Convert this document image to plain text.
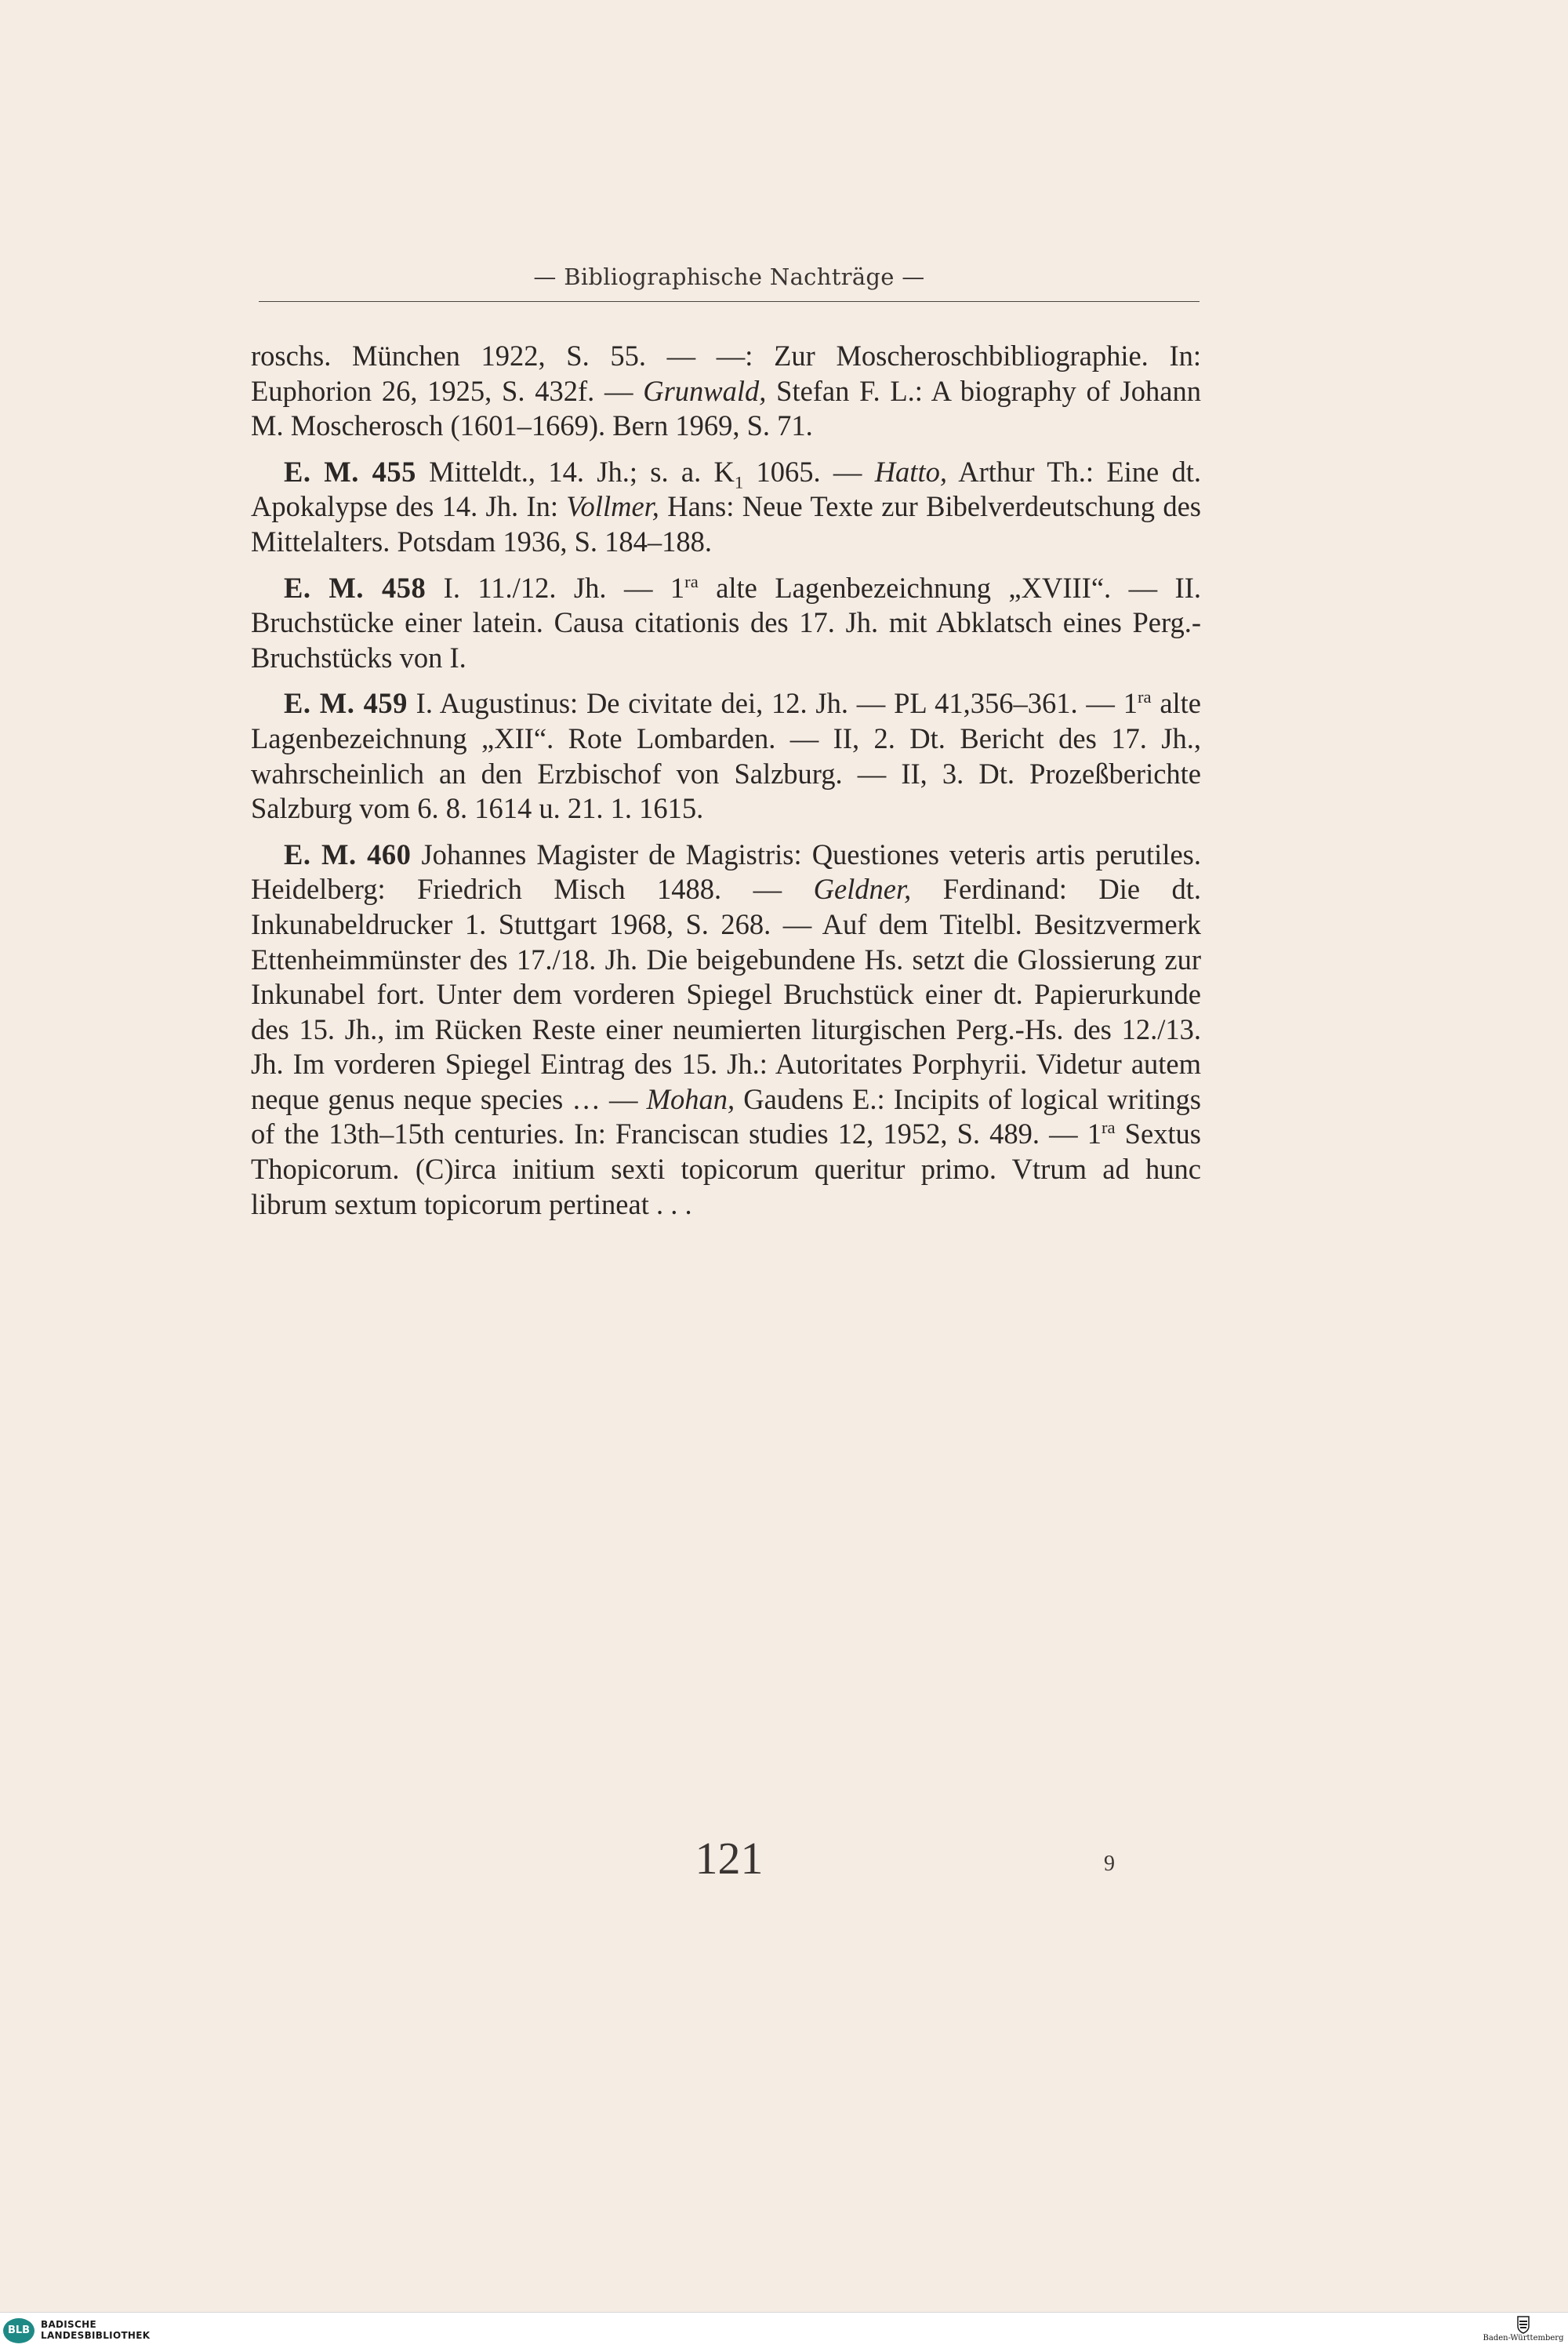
— Bibliographische Nachträge —

roschs. München 1922, S. 55. — —: Zur Moscheroschbibliographie. In: Euphorion 26, 1925, S. 432f. — Grunwald, Stefan F. L.: A biography of Johann M. Moscherosch (1601–1669). Bern 1969, S. 71.

E. M. 455 Mitteldt., 14. Jh.; s. a. $K_1$ 1065. — Hatto, Arthur Th.: Eine dt. Apokalypse des 14. Jh. In: Vollmer, Hans: Neue Texte zur Bibelverdeutschung des Mittelalters. Potsdam 1936, S. 184–188.

E. M. 458 I. 11./12. Jh. — $1^{ra}$ alte Lagenbezeichnung „XVIII“. — II. Bruchstücke einer latein. Causa citationis des 17. Jh. mit Abklatsch eines Perg.-Bruchstücks von I.

E. M. 459 I. Augustinus: De civitate dei, 12. Jh. — PL 41,356–361. — $1^{ra}$ alte Lagenbezeichnung „XII“. Rote Lombarden. — II, 2. Dt. Bericht des 17. Jh., wahrscheinlich an den Erzbischof von Salzburg. — II, 3. Dt. Prozeßberichte Salzburg vom 6. 8. 1614 u. 21. 1. 1615.

E. M. 460 Johannes Magister de Magistris: Questiones veteris artis perutiles. Heidelberg: Friedrich Misch 1488. — Geldner, Ferdinand: Die dt. Inkunabeldrucker 1. Stuttgart 1968, S. 268. — Auf dem Titelbl. Besitzvermerk Ettenheimmünster des 17./18. Jh. Die beigebundene Hs. setzt die Glossierung zur Inkunabel fort. Unter dem vorderen Spiegel Bruchstück einer dt. Papierurkunde des 15. Jh., im Rücken Reste einer neumierten liturgischen Perg.-Hs. des 12./13. Jh. Im vorderen Spiegel Eintrag des 15. Jh.: Autoritates Porphyrii. Videtur autem neque genus neque species … — Mohan, Gaudens E.: Incipits of logical writings of the 13th–15th centuries. In: Franciscan studies 12, 1952, S. 489. — $1^{ra}$ Sextus Thopicorum. (C)irca initium sexti topicorum queritur primo. Vtrum ad hunc librum sextum topicorum pertineat . . .

121	9
BLB	BADISCHE
LANDESBIBLIOTHEK	Baden-Württemberg
